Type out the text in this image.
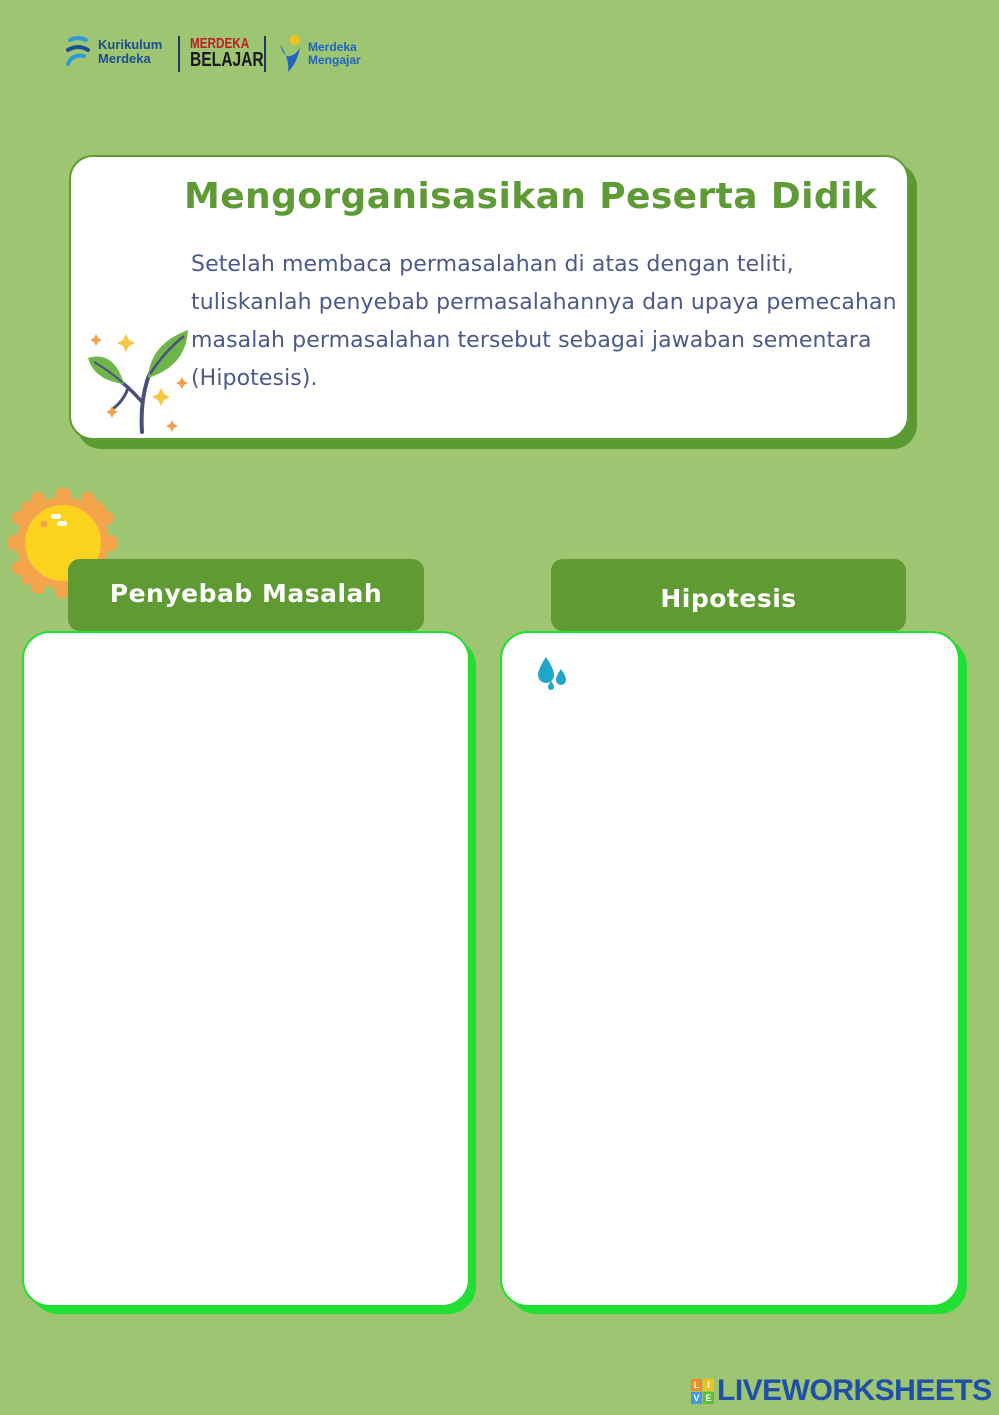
Kurikulum
Merdeka
MERDEKA
BELAJAR
Merdeka
Mengajar
Mengorganisasikan Peserta Didik
Setelah membaca permasalahan di atas dengan teliti, tuliskanlah penyebab permasalahannya dan upaya pemecahan masalah permasalahan tersebut sebagai jawaban sementara (Hipotesis).
Penyebab Masalah	Hipotesis
L I
V E LIVEWORKSHEETS
